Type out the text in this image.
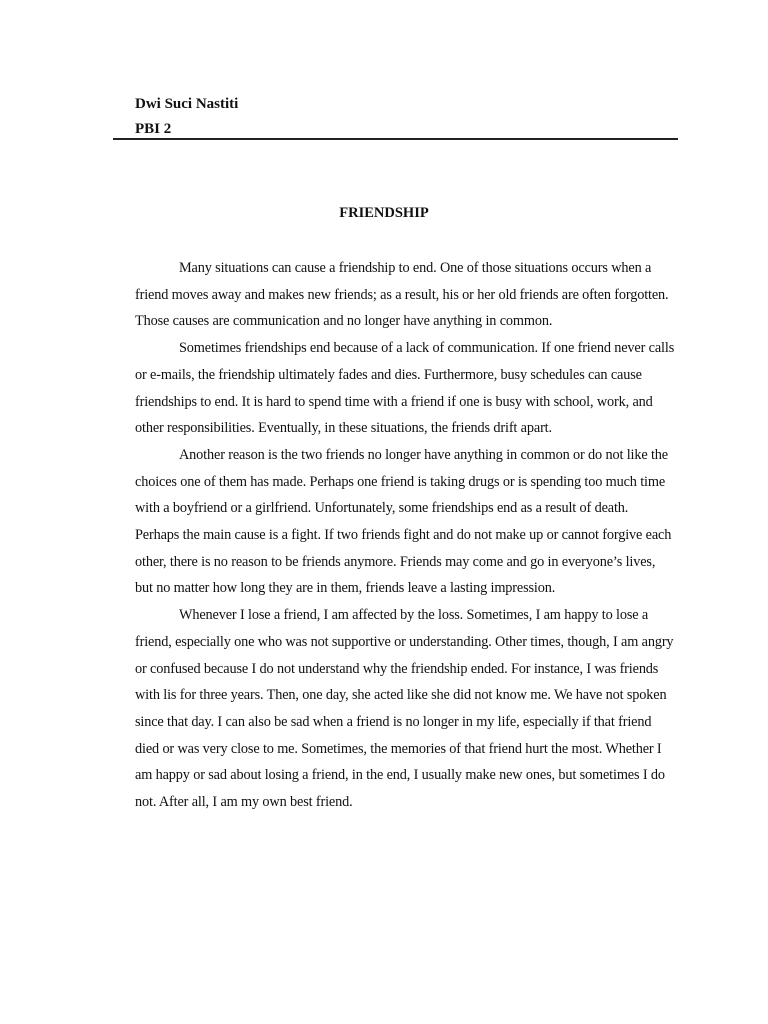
Dwi Suci Nastiti
PBI 2
FRIENDSHIP

Many situations can cause a friendship to end. One of those situations occurs when a friend moves away and makes new friends; as a result, his or her old friends are often forgotten. Those causes are communication and no longer have anything in common.

Sometimes friendships end because of a lack of communication. If one friend never calls or e-mails, the friendship ultimately fades and dies. Furthermore, busy schedules can cause friendships to end. It is hard to spend time with a friend if one is busy with school, work, and other responsibilities. Eventually, in these situations, the friends drift apart.

Another reason is the two friends no longer have anything in common or do not like the choices one of them has made. Perhaps one friend is taking drugs or is spending too much time with a boyfriend or a girlfriend. Unfortunately, some friendships end as a result of death. Perhaps the main cause is a fight. If two friends fight and do not make up or cannot forgive each other, there is no reason to be friends anymore. Friends may come and go in everyone’s lives, but no matter how long they are in them, friends leave a lasting impression.

Whenever I lose a friend, I am affected by the loss. Sometimes, I am happy to lose a friend, especially one who was not supportive or understanding. Other times, though, I am angry or confused because I do not understand why the friendship ended. For instance, I was friends with lis for three years. Then, one day, she acted like she did not know me. We have not spoken since that day. I can also be sad when a friend is no longer in my life, especially if that friend died or was very close to me. Sometimes, the memories of that friend hurt the most. Whether I am happy or sad about losing a friend, in the end, I usually make new ones, but sometimes I do not. After all, I am my own best friend.
